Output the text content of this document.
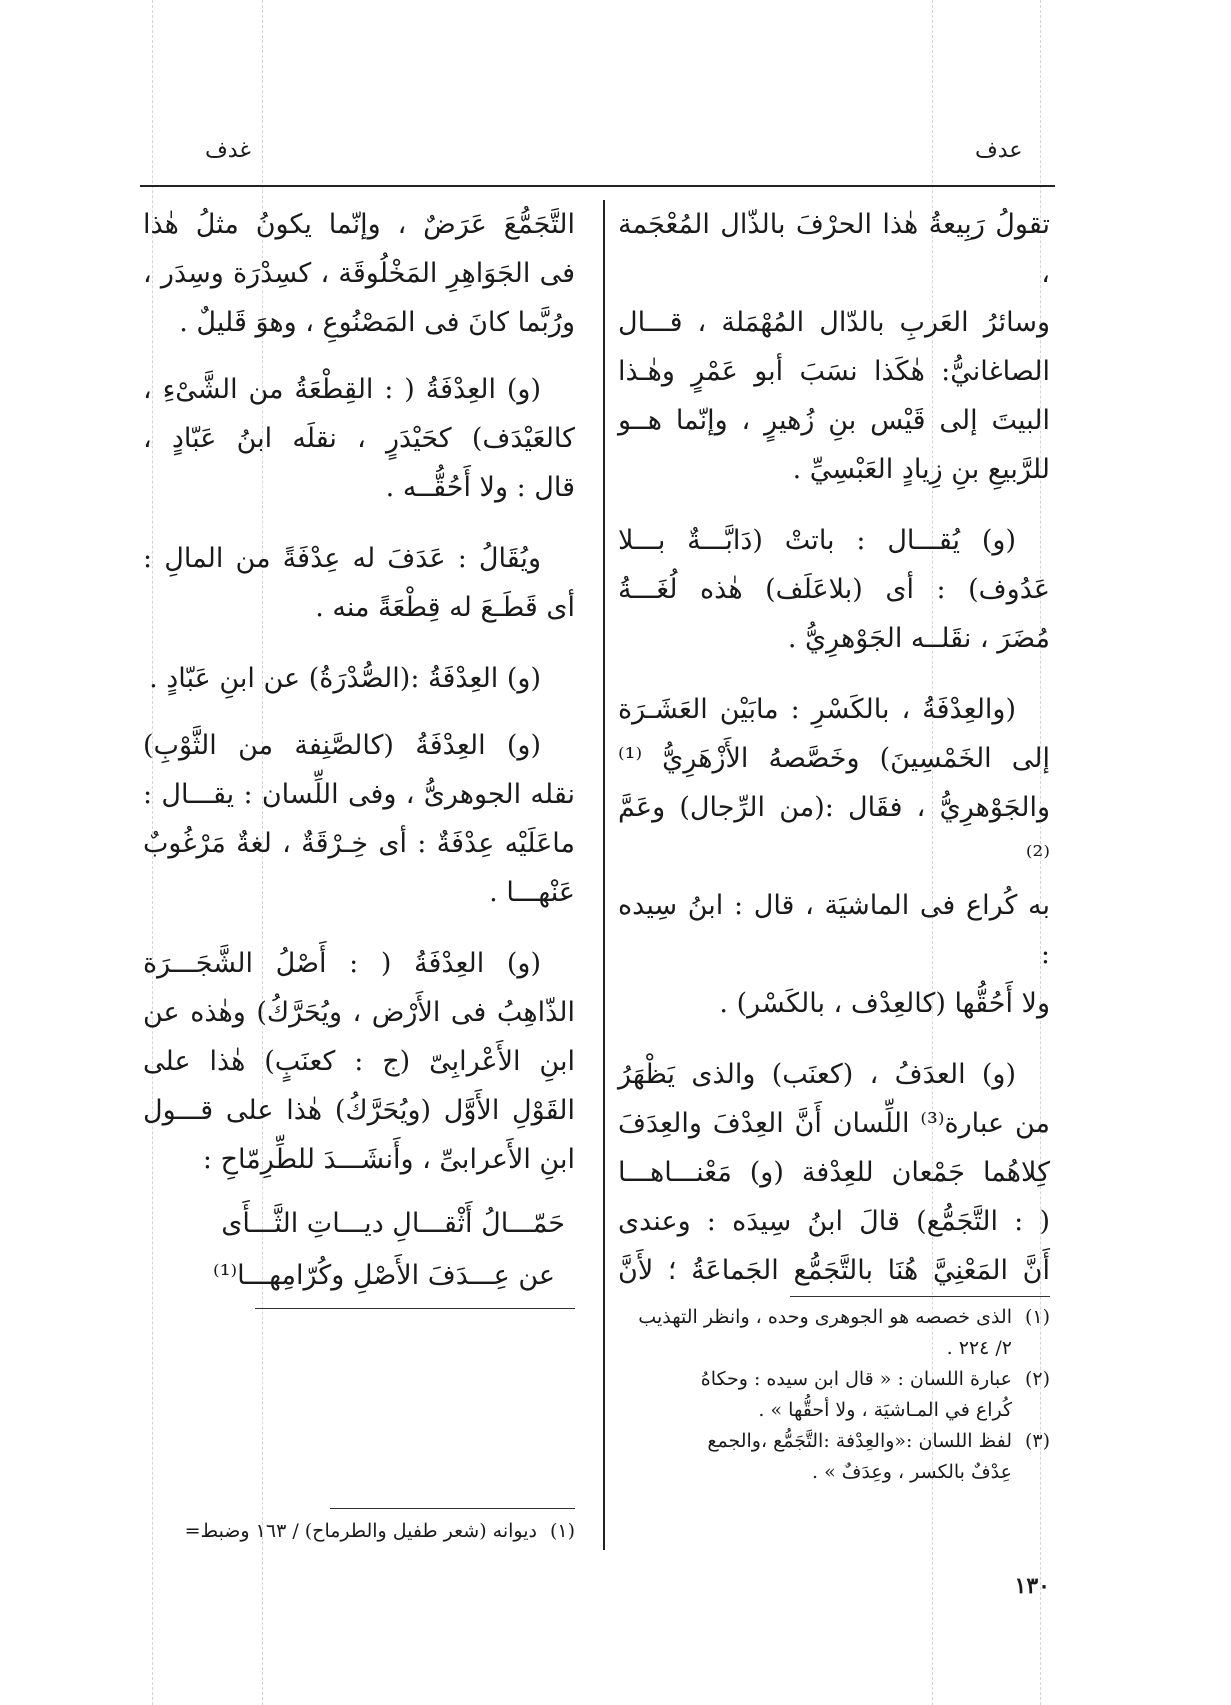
غدف	عدف
تقولُ رَبِيعةُ هٰذا الحرْفَ بالذّال المُعْجَمة ،
وسائرُ العَربِ بالدّال المُهْمَلة ، قـــال
الصاغانيُّ: هٰكَذا نسَبَ أبو عَمْرٍ وهٰـذا
البيتَ إلى قَيْس بنِ زُهيرٍ ، وإنّما هــو
للرَّبيعِ بنِ زِيادٍ العَبْسِيِّ .
(و) يُقـــال : باتتْ (دَابَّـــةٌ بـــلا
عَدُوف) : أى (بلاعَلَف) هٰذه لُغَـــةُ
مُضَرَ ، نقَلــه الجَوْهرِيُّ .
(والعِدْفَةُ ، بالكَسْرِ : مابَيْن العَشَـرَة
إلى الخَمْسِينَ) وخَصَّصهُ الأَزْهَرِيُّ ⁽¹⁾
والجَوْهرِيُّ ، فقَال :(من الرِّجال) وعَمَّ ⁽²⁾
به كُراع فى الماشيَة ، قال : ابنُ سِيده :
ولا أَحُقُّها (كالعِدْف ، بالكَسْر) .
(و) العدَفُ ، (كعنَب) والذى يَظْهَرُ
من عبارة⁽³⁾ اللِّسان أَنَّ العِدْفَ والعِدَفَ
كِلاهُما جَمْعان للعِدْفة (و) مَعْنـــاهـــا
( : التَّجَمُّع) قالَ ابنُ سِيدَه : وعندى
أَنَّ المَعْنِيَّ هُنَا بالتَّجَمُّع الجَماعَةُ ؛ لأَنَّ
(١)الذى خصصه هو الجوهرى وحده ، وانظر التهذيب
٢/ ٢٢٤ .
(٢)عبارة اللسان : « قال ابن سيده : وحكاهُ
كُراع في المـاشيَة ، ولا أحقُّها » .
(٣)لفظ اللسان :«والعِدْفة :التَّجَمُّع ،والجمع
عِدْفٌ بالكسر ، وعِدَفٌ » .
التَّجَمُّعَ عَرَضٌ ، وإنّما يكونُ مثلُ هٰذا
فى الجَوَاهِرِ المَخْلُوقَة ، كسِدْرَة وسِدَر ،
ورُبَّما كانَ فى المَصْنُوعِ ، وهوَ قَليلٌ .
(و) العِدْفَةُ ( : القِطْعَةُ من الشَّىْءِ ،
كالعَيْدَف) كحَيْدَرٍ ، نقلَه ابنُ عَبّادٍ ،
قال : ولا أَحُقُّــه .
ويُقَالُ : عَدَفَ له عِدْفَةً من المالِ :
أى قَطَـعَ له قِطْعَةً منه .
(و) العِدْفَةُ :(الصُّدْرَةُ) عن ابنِ عَبّادٍ .
(و) العِدْفَةُ (كالصَّنِفة من الثَّوْبِ)
نقله الجوهرىُّ ، وفى اللِّسان : يقـــال :
ماعَلَيْه عِدْفَةٌ : أى خِـرْقَةٌ ، لغةٌ مَرْغُوبٌ
عَنْهـــا .
(و) العِدْفَةُ ( : أَصْلُ الشَّجَـــرَة
الذّاهِبُ فى الأَرْض ، ويُحَرَّكُ) وهٰذه عن
ابنِ الأَعْرابِىّ (ج : كعنَبٍ) هٰذا على
القَوْلِ الأَوَّل (ويُحَرَّكُ) هٰذا على قـــول
ابنِ الأَعرابىِّ ، وأَنشَـــدَ للطِّرِمّاحِ :
حَمّـــالُ أَثْقـــالِ ديـــاتِ الثَّـــأَى
عن عِـــدَفَ الأَصْلِ وكُرّامِهـــا⁽¹⁾
(١)ديوانه (شعر طفيل والطرماح) / ١٦٣ وضبط=
١٣٠
